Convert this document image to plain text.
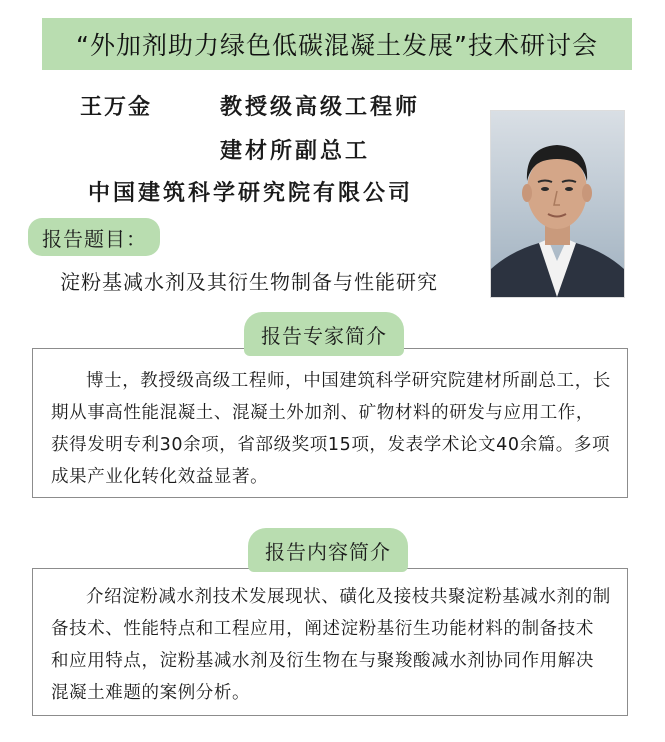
“外加剂助力绿色低碳混凝土发展”技术研讨会
王万金	教授级高级工程师
建材所副总工
中国建筑科学研究院有限公司
报告题目：
淀粉基减水剂及其衍生物制备与性能研究

博士，教授级高级工程师，中国建筑科学研究院建材所副总工，长期从事高性能混凝土、混凝土外加剂、矿物材料的研发与应用工作，获得发明专利30余项，省部级奖项15项，发表学术论文40余篇。多项成果产业化转化效益显著。

报告专家简介

介绍淀粉减水剂技术发展现状、磺化及接枝共聚淀粉基减水剂的制备技术、性能特点和工程应用，阐述淀粉基衍生功能材料的制备技术和应用特点，淀粉基减水剂及衍生物在与聚羧酸减水剂协同作用解决混凝土难题的案例分析。

报告内容简介
